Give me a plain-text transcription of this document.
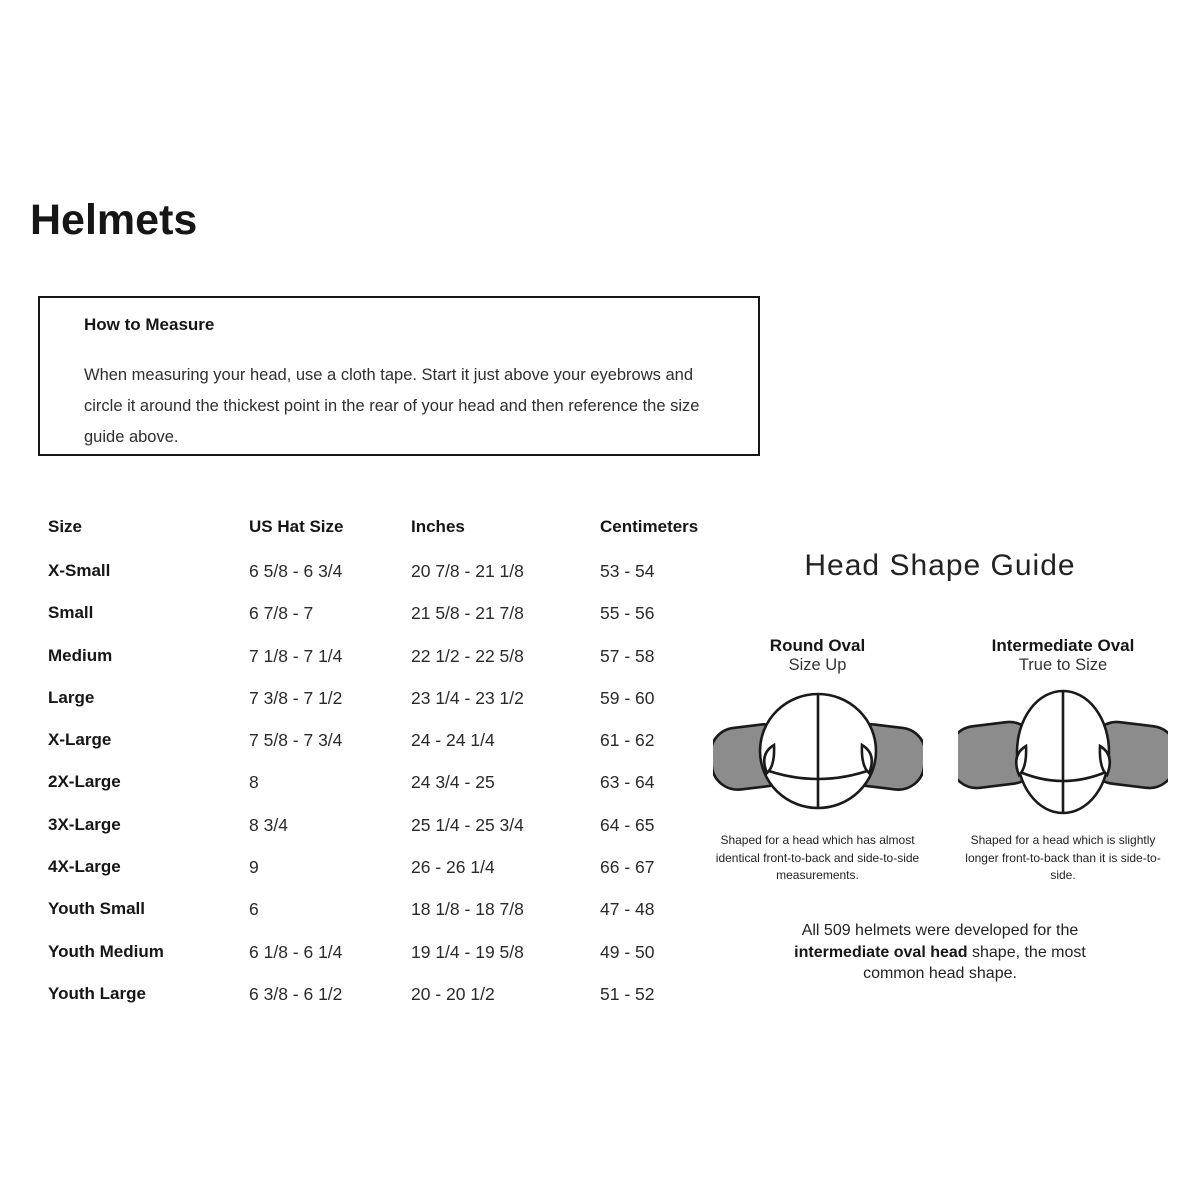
Helmets
How to Measure

When measuring your head, use a cloth tape. Start it just above your eyebrows and circle it around the thickest point in the rear of your head and then reference the size guide above.

Size	US Hat Size	Inches	Centimeters
X-Small	6 5/8 - 6 3/4	20 7/8 - 21 1/8	53 - 54
Small	6 7/8 - 7	21 5/8 - 21 7/8	55 - 56
Medium	7 1/8 - 7 1/4	22 1/2 - 22 5/8	57 - 58
Large	7 3/8 - 7 1/2	23 1/4 - 23 1/2	59 - 60
X-Large	7 5/8 - 7 3/4	24 - 24 1/4	61 - 62
2X-Large	8	24 3/4 - 25	63 - 64
3X-Large	8 3/4	25 1/4 - 25 3/4	64 - 65
4X-Large	9	26 - 26 1/4	66 - 67
Youth Small	6	18 1/8 - 18 7/8	47 - 48
Youth Medium	6 1/8 - 6 1/4	19 1/4 - 19 5/8	49 - 50
Youth Large	6 3/8 - 6 1/2	20 - 20 1/2	51 - 52
Head Shape Guide
Round Oval
Size Up

Shaped for a head which has almost identical front-to-back and side-to-side measurements.

Intermediate Oval
True to Size

Shaped for a head which is slightly longer front-to-back than it is side-to-side.

All 509 helmets were developed for the intermediate oval head shape, the most common head shape.
